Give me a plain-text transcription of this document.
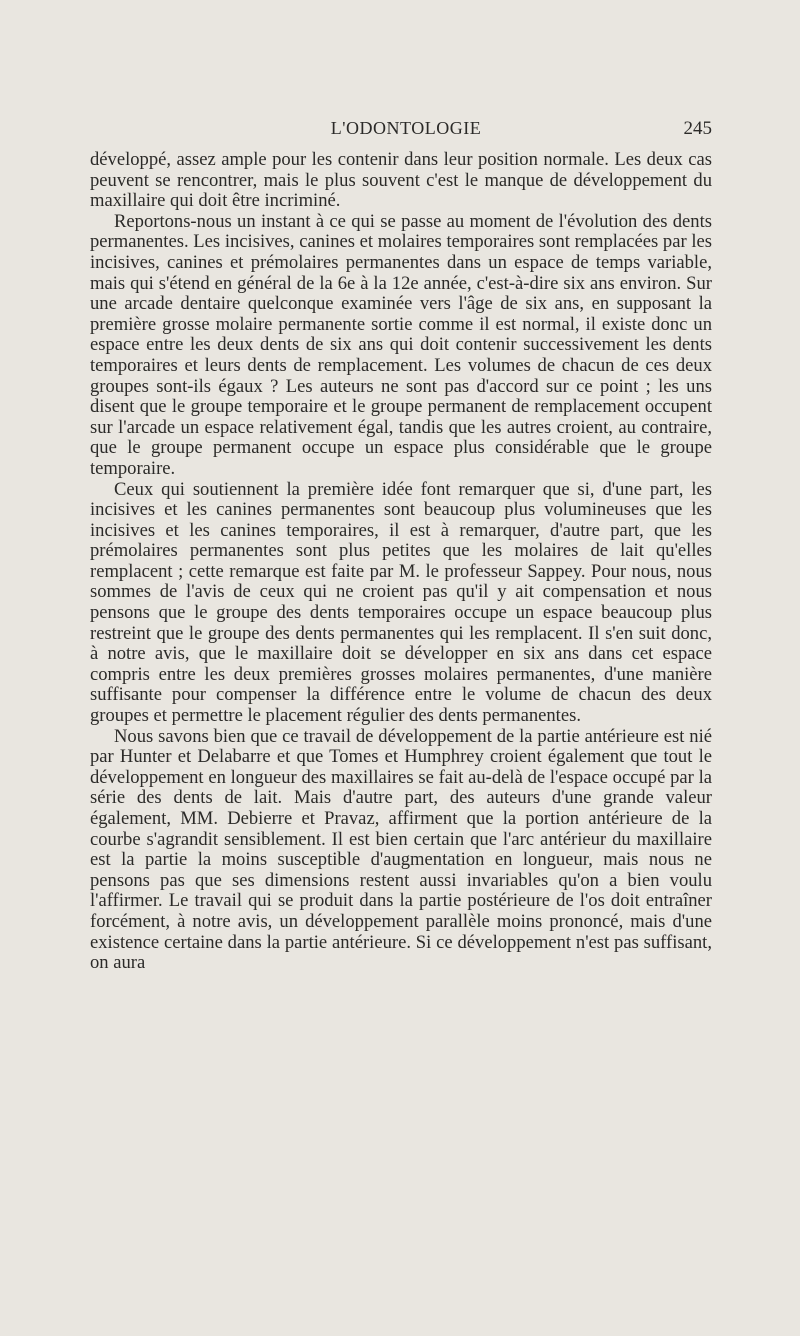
L'ODONTOLOGIE	245

développé, assez ample pour les contenir dans leur position normale. Les deux cas peuvent se rencontrer, mais le plus souvent c'est le manque de développement du maxillaire qui doit être incriminé.

Reportons-nous un instant à ce qui se passe au moment de l'évolution des dents permanentes. Les incisives, canines et molaires temporaires sont remplacées par les incisives, canines et prémolaires permanentes dans un espace de temps variable, mais qui s'étend en général de la 6e à la 12e année, c'est-à-dire six ans environ. Sur une arcade dentaire quelconque examinée vers l'âge de six ans, en supposant la première grosse molaire permanente sortie comme il est normal, il existe donc un espace entre les deux dents de six ans qui doit contenir successivement les dents temporaires et leurs dents de remplacement. Les volumes de chacun de ces deux groupes sont-ils égaux ? Les auteurs ne sont pas d'accord sur ce point ; les uns disent que le groupe temporaire et le groupe permanent de remplacement occupent sur l'arcade un espace relativement égal, tandis que les autres croient, au contraire, que le groupe permanent occupe un espace plus considérable que le groupe temporaire.

Ceux qui soutiennent la première idée font remarquer que si, d'une part, les incisives et les canines permanentes sont beaucoup plus volumineuses que les incisives et les canines temporaires, il est à remarquer, d'autre part, que les prémolaires permanentes sont plus petites que les molaires de lait qu'elles remplacent ; cette remarque est faite par M. le professeur Sappey. Pour nous, nous sommes de l'avis de ceux qui ne croient pas qu'il y ait compensation et nous pensons que le groupe des dents temporaires occupe un espace beaucoup plus restreint que le groupe des dents permanentes qui les remplacent. Il s'en suit donc, à notre avis, que le maxillaire doit se développer en six ans dans cet espace compris entre les deux premières grosses molaires permanentes, d'une manière suffisante pour compenser la différence entre le volume de chacun des deux groupes et permettre le placement régulier des dents permanentes.

Nous savons bien que ce travail de développement de la partie antérieure est nié par Hunter et Delabarre et que Tomes et Humphrey croient également que tout le développement en longueur des maxillaires se fait au-delà de l'espace occupé par la série des dents de lait. Mais d'autre part, des auteurs d'une grande valeur également, MM. Debierre et Pravaz, affirment que la portion antérieure de la courbe s'agrandit sensiblement. Il est bien certain que l'arc antérieur du maxillaire est la partie la moins susceptible d'augmentation en longueur, mais nous ne pensons pas que ses dimensions restent aussi invariables qu'on a bien voulu l'affirmer. Le travail qui se produit dans la partie postérieure de l'os doit entraîner forcément, à notre avis, un développement parallèle moins prononcé, mais d'une existence certaine dans la partie antérieure. Si ce développement n'est pas suffisant, on aura
